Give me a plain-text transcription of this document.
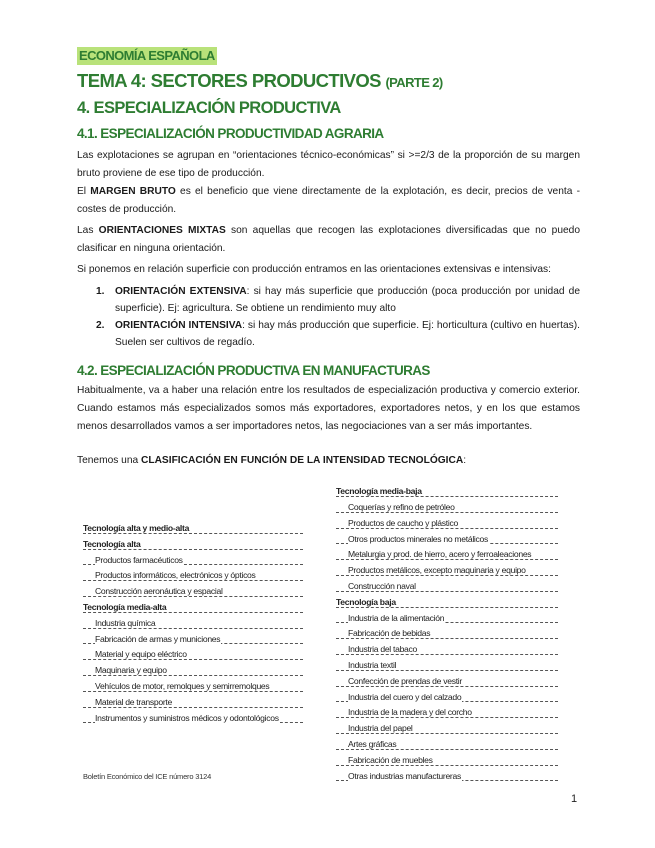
ECONOMÍA ESPAÑOLA
TEMA 4: SECTORES PRODUCTIVOS (PARTE 2)
4. ESPECIALIZACIÓN PRODUCTIVA
4.1. ESPECIALIZACIÓN PRODUCTIVIDAD AGRARIA

Las explotaciones se agrupan en “orientaciones técnico-económicas” si >=2/3 de la proporción de su margen bruto proviene de ese tipo de producción.

El MARGEN BRUTO es el beneficio que viene directamente de la explotación, es decir, precios de venta - costes de producción.

Las ORIENTACIONES MIXTAS son aquellas que recogen las explotaciones diversificadas que no puedo clasificar en ninguna orientación.

Si ponemos en relación superficie con producción entramos en las orientaciones extensivas e intensivas:

1. ORIENTACIÓN EXTENSIVA: si hay más superficie que producción (poca producción por unidad de superficie). Ej: agricultura. Se obtiene un rendimiento muy alto
2. ORIENTACIÓN INTENSIVA: si hay más producción que superficie. Ej: horticultura (cultivo en huertas). Suelen ser cultivos de regadío.
4.2. ESPECIALIZACIÓN PRODUCTIVA EN MANUFACTURAS

Habitualmente, va a haber una relación entre los resultados de especialización productiva y comercio exterior. Cuando estamos más especializados somos más exportadores, exportadores netos, y en los que estamos menos desarrollados vamos a ser importadores netos, las negociaciones van a ser más importantes.

Tenemos una CLASIFICACIÓN EN FUNCIÓN DE LA INTENSIDAD TECNOLÓGICA:

Tecnología alta y medio-alta
Tecnología alta
Productos farmacéuticos
Productos informáticos, electrónicos y ópticos
Construcción aeronáutica y espacial
Tecnología media-alta
Industria química
Fabricación de armas y municiones
Material y equipo eléctrico
Maquinaria y equipo
Vehículos de motor, remolques y semirremolques
Material de transporte
Instrumentos y suministros médicos y odontológicos
Tecnología media-baja
Coquerías y refino de petróleo
Productos de caucho y plástico
Otros productos minerales no metálicos
Metalurgia y prod. de hierro, acero y ferroaleaciones
Productos metálicos, excepto maquinaria y equipo
Construcción naval
Tecnología baja
Industria de la alimentación
Fabricación de bebidas
Industria del tabaco
Industria textil
Confección de prendas de vestir
Industria del cuero y del calzado
Industria de la madera y del corcho
Industria del papel
Artes gráficas
Fabricación de muebles
Otras industrias manufactureras
Boletín Económico del ICE número 3124
1
